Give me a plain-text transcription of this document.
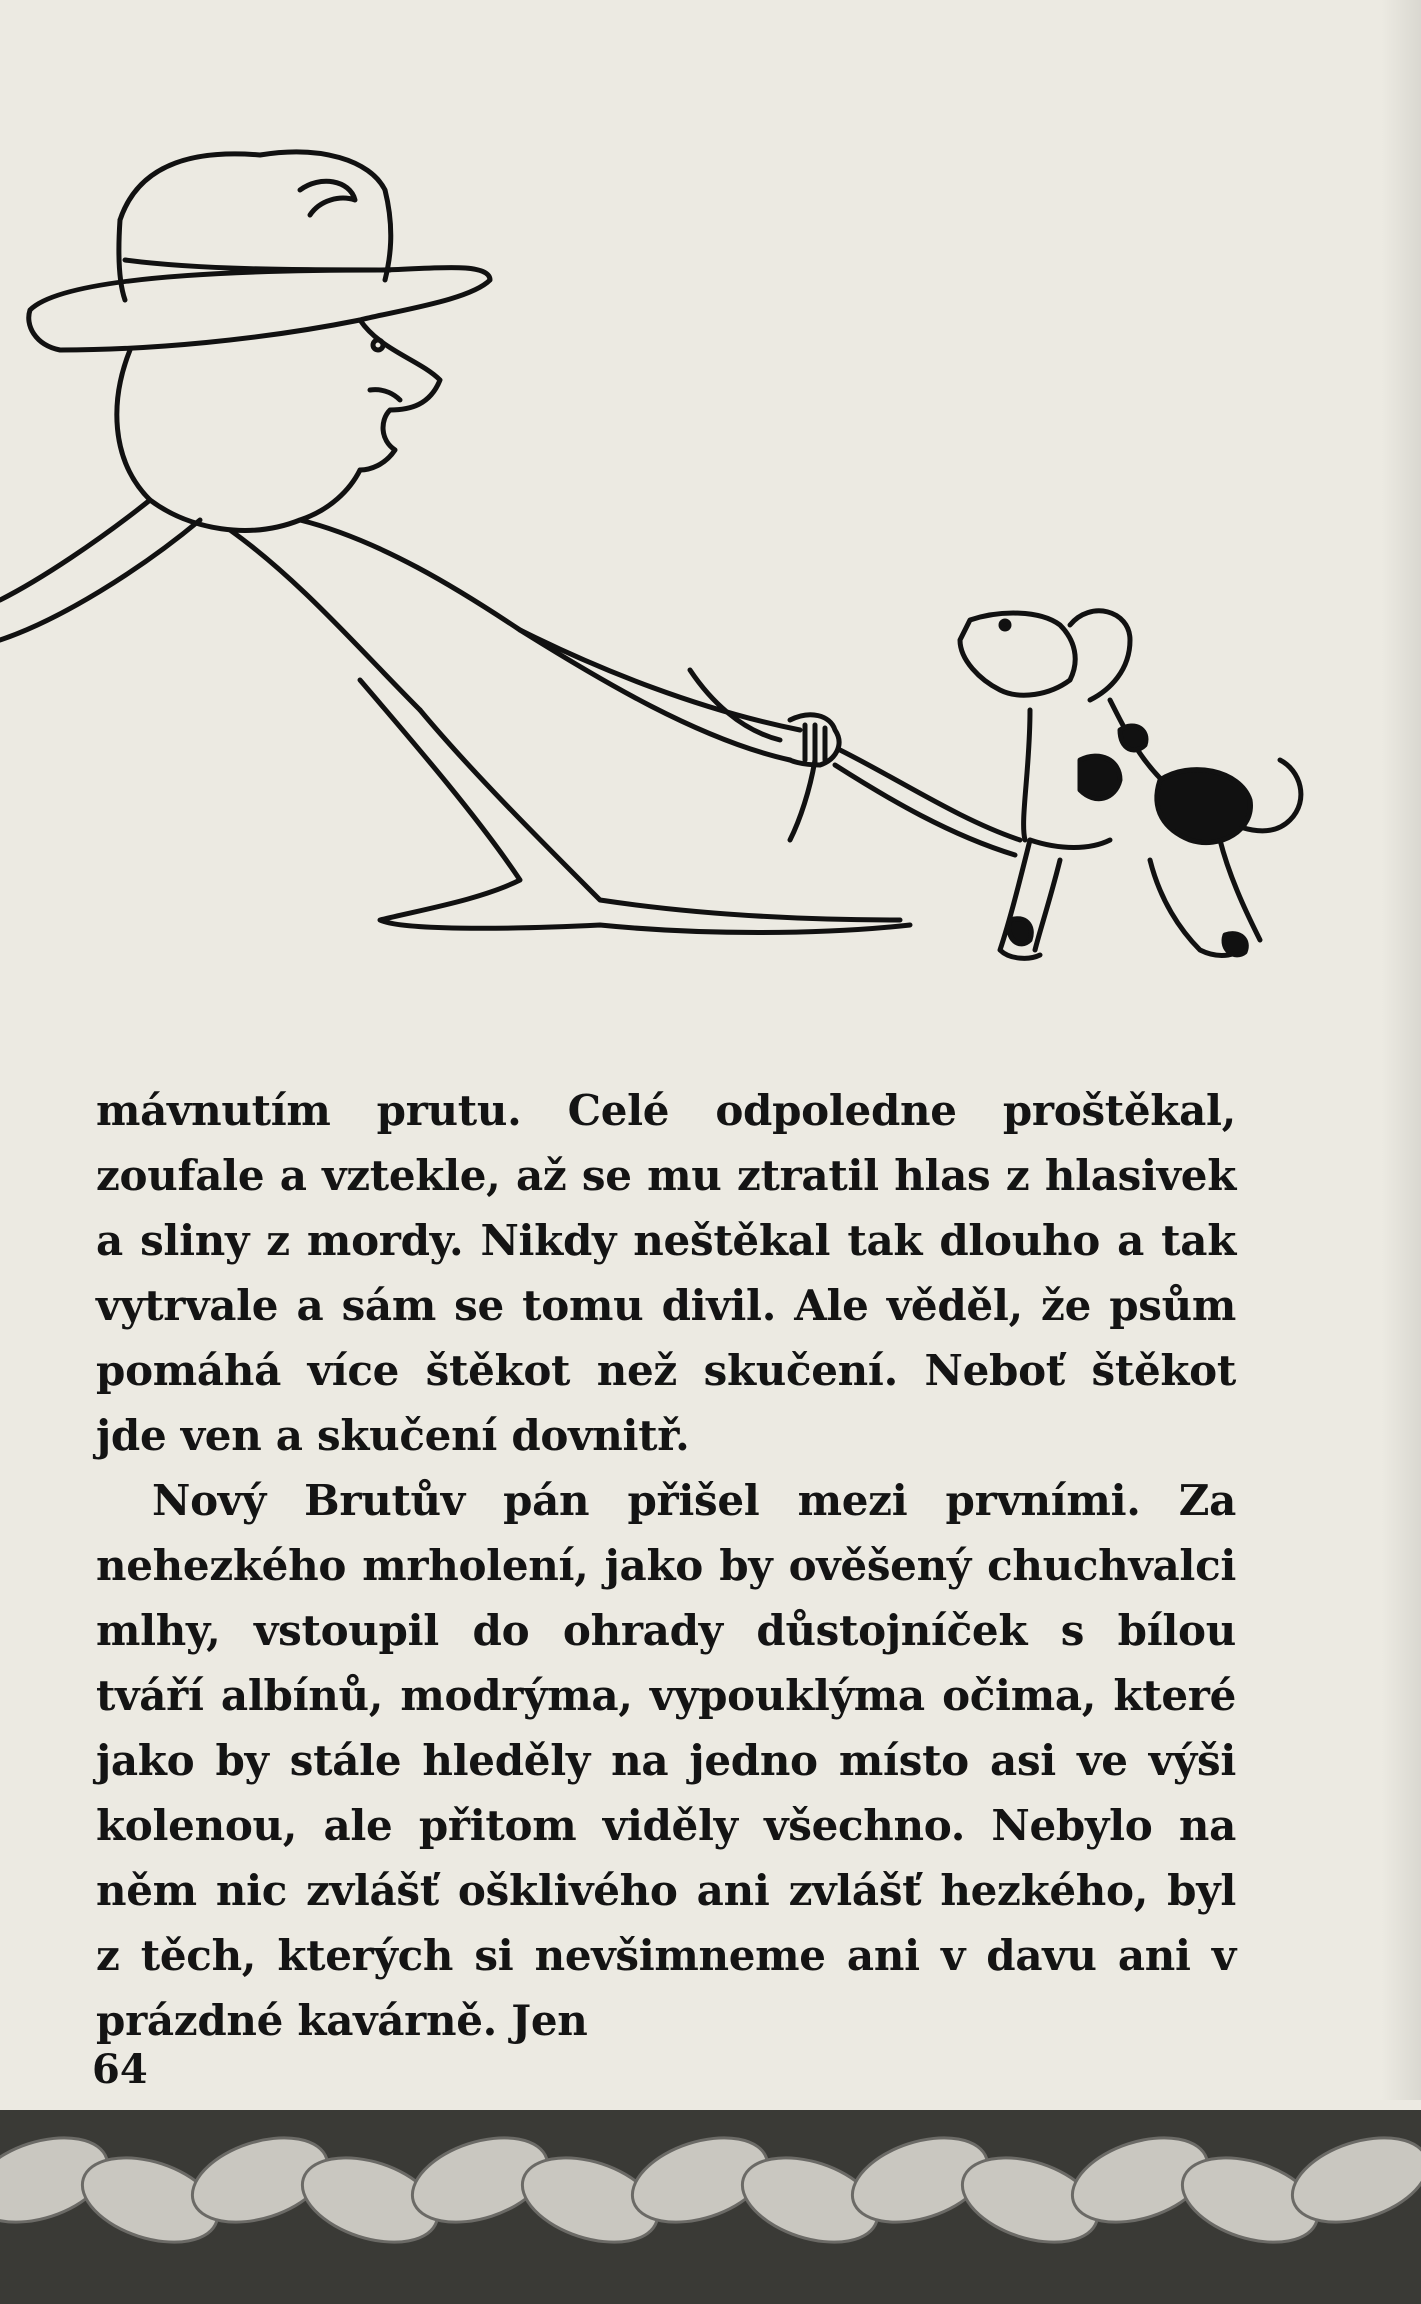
mávnutím prutu. Celé odpoledne proštěkal, zoufale a vztekle, až se mu ztratil hlas z hlasivek a sliny z mordy. Nikdy neštěkal tak dlouho a tak vytrvale a sám se tomu divil. Ale věděl, že psům pomáhá více štěkot než skučení. Neboť štěkot jde ven a skučení dovnitř.

Nový Brutův pán přišel mezi prvními. Za nehezkého mrholení, jako by ověšený chuchvalci mlhy, vstoupil do ohrady důstojníček s bílou tváří albínů, modrýma, vypouklýma očima, které jako by stále hleděly na jedno místo asi ve výši kolenou, ale přitom viděly všechno. Nebylo na něm nic zvlášť ošklivého ani zvlášť hezkého, byl z těch, kterých si nevšimneme ani v davu ani v prázdné kavárně. Jen

64
